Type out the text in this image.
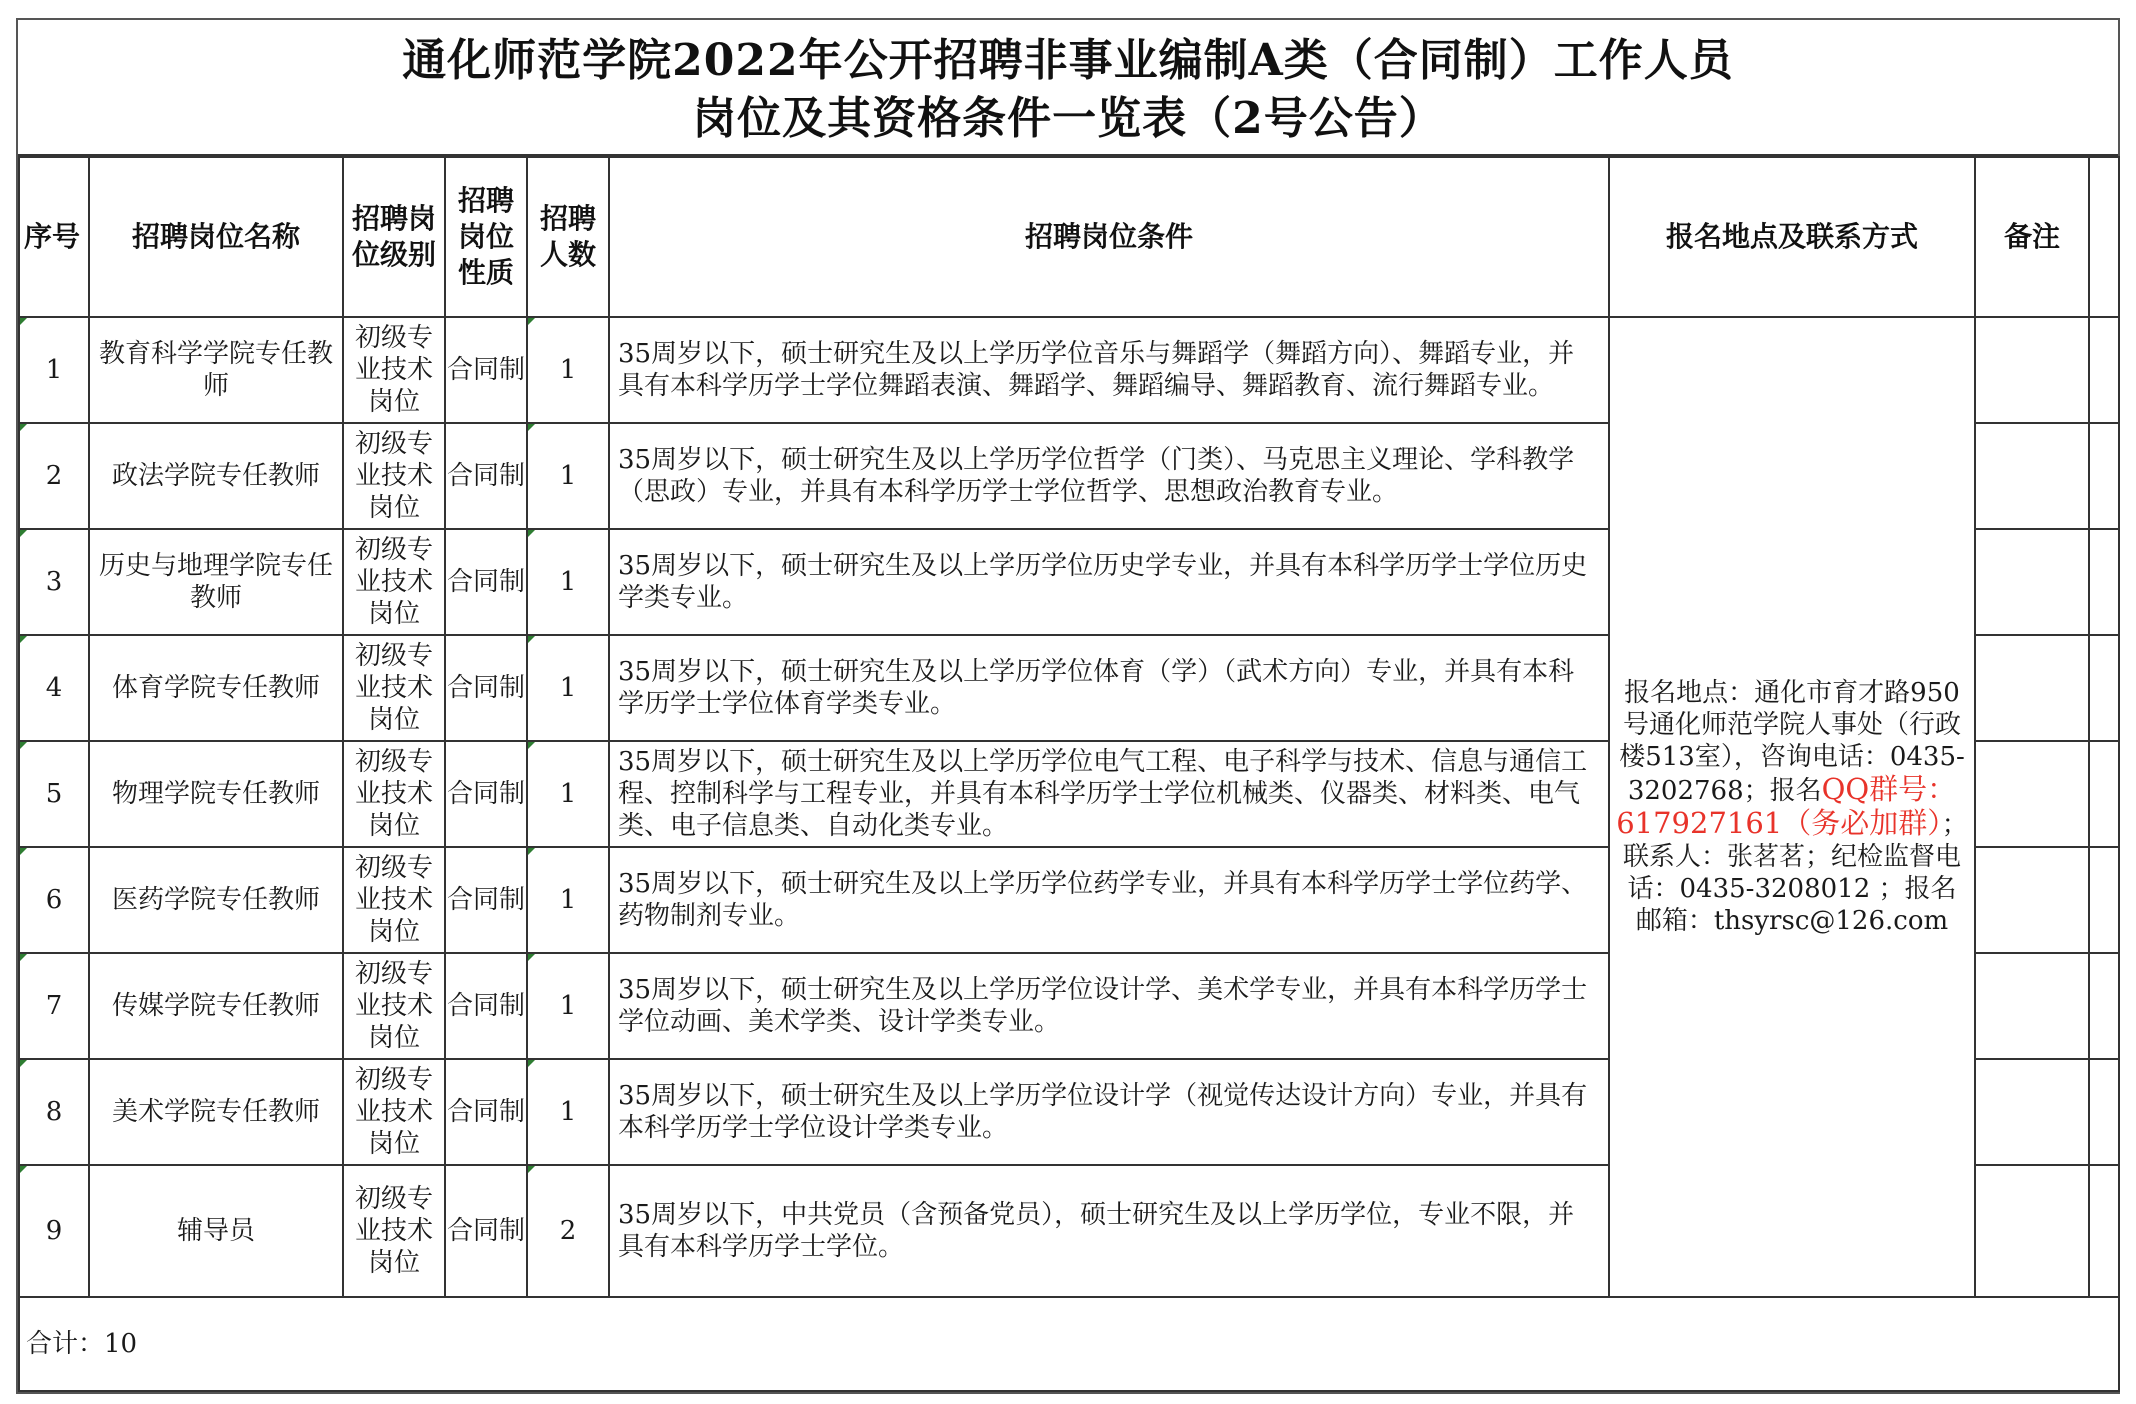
通化师范学院2022年公开招聘非事业编制A类（合同制）工作人员
岗位及其资格条件一览表（2号公告）
序号	招聘岗位名称	招聘岗位级别	招聘岗位性质	招聘人数	招聘岗位条件	报名地点及联系方式	备注	

1	教育科学学院专任教师	初级专业技术岗位	合同制	1	35周岁以下，硕士研究生及以上学历学位音乐与舞蹈学（舞蹈方向）、舞蹈专业，并具有本科学历学士学位舞蹈表演、舞蹈学、舞蹈编导、舞蹈教育、流行舞蹈专业。	报名地点：通化市育才路950号通化师范学院人事处（行政楼513室），咨询电话：0435-3202768；报名QQ群号：617927161（务必加群）；联系人：张茗茗；纪检监督电话：0435-3208012 ；报名邮箱：thsyrsc@126.com		

2	政法学院专任教师	初级专业技术岗位	合同制	1	35周岁以下，硕士研究生及以上学历学位哲学（门类）、马克思主义理论、学科教学（思政）专业，并具有本科学历学士学位哲学、思想政治教育专业。			

3	历史与地理学院专任教师	初级专业技术岗位	合同制	1	35周岁以下，硕士研究生及以上学历学位历史学专业，并具有本科学历学士学位历史学类专业。			

4	体育学院专任教师	初级专业技术岗位	合同制	1	35周岁以下，硕士研究生及以上学历学位体育（学）（武术方向）专业，并具有本科学历学士学位体育学类专业。			

5	物理学院专任教师	初级专业技术岗位	合同制	1	35周岁以下，硕士研究生及以上学历学位电气工程、电子科学与技术、信息与通信工程、控制科学与工程专业，并具有本科学历学士学位机械类、仪器类、材料类、电气类、电子信息类、自动化类专业。			

6	医药学院专任教师	初级专业技术岗位	合同制	1	35周岁以下，硕士研究生及以上学历学位药学专业，并具有本科学历学士学位药学、药物制剂专业。			

7	传媒学院专任教师	初级专业技术岗位	合同制	1	35周岁以下，硕士研究生及以上学历学位设计学、美术学专业，并具有本科学历学士学位动画、美术学类、设计学类专业。			

8	美术学院专任教师	初级专业技术岗位	合同制	1	35周岁以下，硕士研究生及以上学历学位设计学（视觉传达设计方向）专业，并具有本科学历学士学位设计学类专业。			

9	辅导员	初级专业技术岗位	合同制	2	35周岁以下，中共党员（含预备党员），硕士研究生及以上学历学位，专业不限，并具有本科学历学士学位。			
合计：10								
